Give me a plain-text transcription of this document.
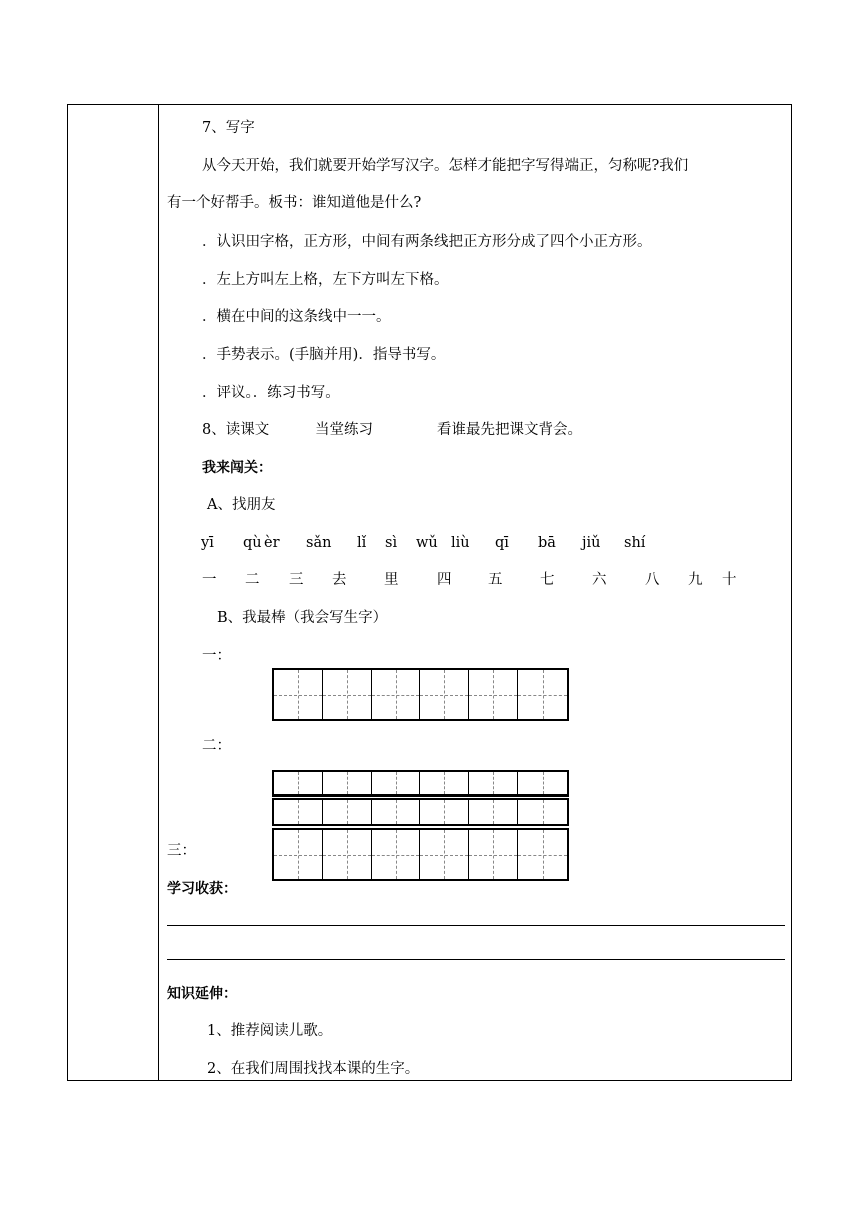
7、写字
从今天开始，我们就要开始学写汉字。怎样才能把字写得端正，匀称呢?我们
有一个好帮手。板书：谁知道他是什么?
．认识田字格，正方形，中间有两条线把正方形分成了四个小正方形。
．左上方叫左上格，左下方叫左下格。
．横在中间的这条线中一一。
．手势表示。(手脑并用)．指导书写。
．评议。．练习书写。
8、读课文	当堂练习	看谁最先把课文背会。
我来闯关：
A、找朋友
yī qù èr sǎn lǐ sì wǔ liù qī bā jiǔ shí
一 二 三 去	里	四	五	七	六	八 九 十
B、我最棒（我会写生字）
一：
二：
三：
学习收获：
知识延伸：
1、推荐阅读儿歌。
2、在我们周围找找本课的生字。
